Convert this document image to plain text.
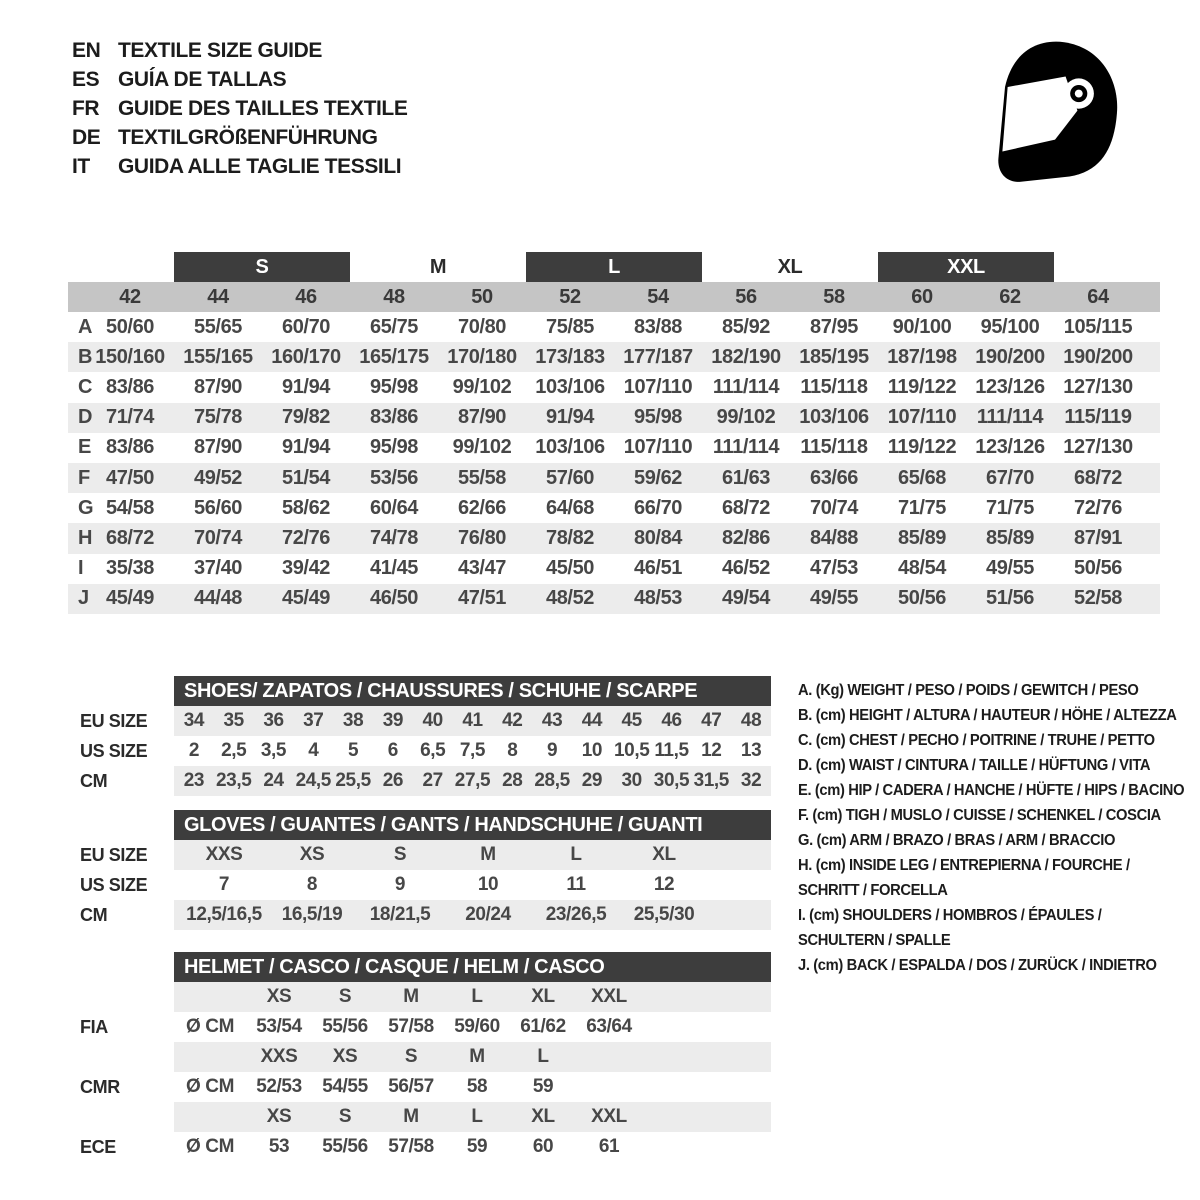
EN TEXTILE SIZE GUIDE
ES GUÍA DE TALLAS
FR GUIDE DES TAILLES TEXTILE
DE TEXTILGRÖßENFÜHRUNG
IT	GUIDA ALLE TAGLIE TESSILI
S	M	L	XL	XXL
42	44	46	48	50	52	54	56	58	60	62	64
A 50/60	55/65	60/70	65/75	70/80	75/85	83/88	85/92	87/95	90/100	95/100	105/115
B 150/160 155/165 160/170 165/175 170/180 173/183 177/187 182/190 185/195 187/198 190/200 190/200
C 83/86	87/90	91/94	95/98	99/102	103/106 107/110	111/114	115/118	119/122 123/126 127/130
D 71/74	75/78	79/82	83/86	87/90	91/94	95/98	99/102	103/106 107/110	111/114	115/119
E 83/86	87/90	91/94	95/98	99/102	103/106 107/110	111/114	115/118	119/122 123/126 127/130
F 47/50	49/52	51/54	53/56	55/58	57/60	59/62	61/63	63/66	65/68	67/70	68/72
G 54/58	56/60	58/62	60/64	62/66	64/68	66/70	68/72	70/74	71/75	71/75	72/76
H 68/72	70/74	72/76	74/78	76/80	78/82	80/84	82/86	84/88	85/89	85/89	87/91
I	35/38	37/40	39/42	41/45	43/47	45/50	46/51	46/52	47/53	48/54	49/55	50/56
J 45/49	44/48	45/49	46/50	47/51	48/52	48/53	49/54	49/55	50/56	51/56	52/58
SHOES/ ZAPATOS / CHAUSSURES / SCHUHE / SCARPE
EU SIZE	34	35	36	37	38	39	40	41	42	43	44	45	46	47	48
US SIZE	2	2,5 3,5	4	5	6	6,5 7,5	8	9	10 10,5 11,5 12	13
CM	23 23,5 24 24,5 25,5 26	27 27,5 28 28,5 29	30 30,5 31,5 32
GLOVES / GUANTES / GANTS / HANDSCHUHE / GUANTI
EU SIZE	XXS	XS	S	M	L	XL
US SIZE	7	8	9	10	11	12
CM	12,5/16,5	16,5/19	18/21,5	20/24	23/26,5	25,5/30
HELMET / CASCO / CASQUE / HELM / CASCO
XS	S	M	L	XL	XXL
FIA	Ø CM	53/54	55/56	57/58	59/60	61/62	63/64
XXS	XS	S	M	L
CMR	Ø CM	52/53	54/55	56/57	58	59
XS	S	M	L	XL	XXL
ECE	Ø CM	53	55/56	57/58	59	60	61
A. (Kg) WEIGHT / PESO / POIDS / GEWITCH / PESO
B. (cm) HEIGHT / ALTURA / HAUTEUR / HÖHE / ALTEZZA
C. (cm) CHEST / PECHO / POITRINE / TRUHE / PETTO
D. (cm) WAIST / CINTURA / TAILLE / HÜFTUNG / VITA
E. (cm) HIP / CADERA / HANCHE / HÜFTE / HIPS / BACINO
F. (cm) TIGH / MUSLO / CUISSE / SCHENKEL / COSCIA
G. (cm) ARM / BRAZO / BRAS / ARM / BRACCIO
H. (cm) INSIDE LEG / ENTREPIERNA / FOURCHE /
SCHRITT / FORCELLA
I. (cm) SHOULDERS / HOMBROS / ÉPAULES /
SCHULTERN / SPALLE
J. (cm) BACK / ESPALDA / DOS / ZURÜCK / INDIETRO
